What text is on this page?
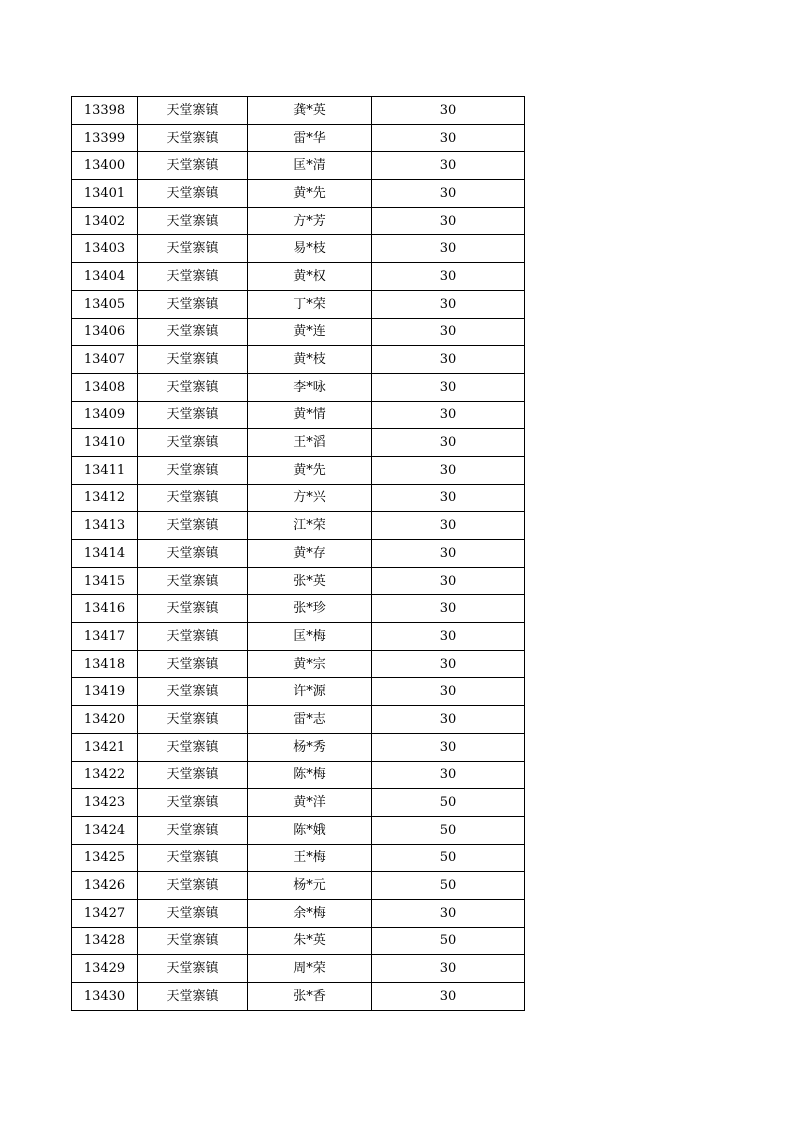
13398	天堂寨镇	龚*英	30
13399	天堂寨镇	雷*华	30
13400	天堂寨镇	匡*清	30
13401	天堂寨镇	黄*先	30
13402	天堂寨镇	方*芳	30
13403	天堂寨镇	易*枝	30
13404	天堂寨镇	黄*权	30
13405	天堂寨镇	丁*荣	30
13406	天堂寨镇	黄*连	30
13407	天堂寨镇	黄*枝	30
13408	天堂寨镇	李*咏	30
13409	天堂寨镇	黄*情	30
13410	天堂寨镇	王*滔	30
13411	天堂寨镇	黄*先	30
13412	天堂寨镇	方*兴	30
13413	天堂寨镇	江*荣	30
13414	天堂寨镇	黄*存	30
13415	天堂寨镇	张*英	30
13416	天堂寨镇	张*珍	30
13417	天堂寨镇	匡*梅	30
13418	天堂寨镇	黄*宗	30
13419	天堂寨镇	许*源	30
13420	天堂寨镇	雷*志	30
13421	天堂寨镇	杨*秀	30
13422	天堂寨镇	陈*梅	30
13423	天堂寨镇	黄*洋	50
13424	天堂寨镇	陈*娥	50
13425	天堂寨镇	王*梅	50
13426	天堂寨镇	杨*元	50
13427	天堂寨镇	余*梅	30
13428	天堂寨镇	朱*英	50
13429	天堂寨镇	周*荣	30
13430	天堂寨镇	张*香	30
